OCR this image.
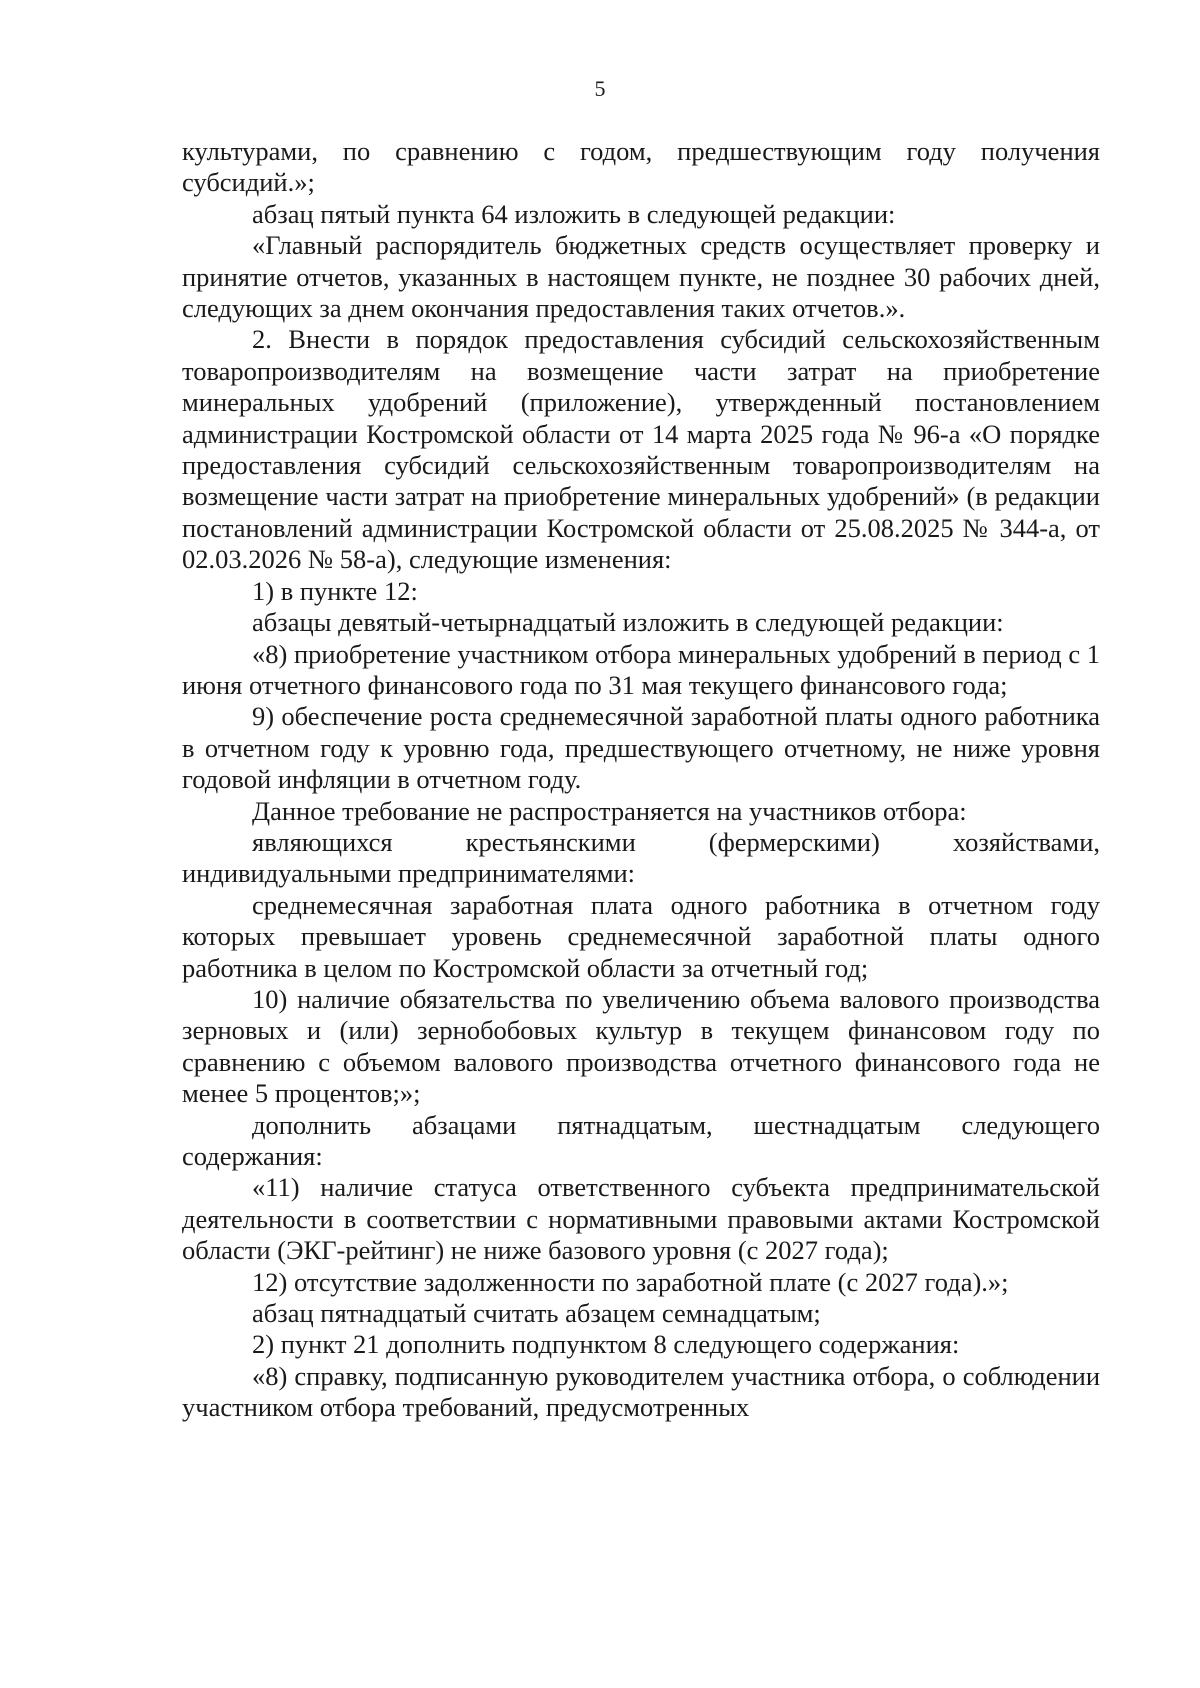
5

культурами, по сравнению с годом, предшествующим году получения субсидий.»;

абзац пятый пункта 64 изложить в следующей редакции:

«Главный распорядитель бюджетных средств осуществляет проверку и принятие отчетов, указанных в настоящем пункте, не позднее 30 рабочих дней, следующих за днем окончания предоставления таких отчетов.».

2. Внести в порядок предоставления субсидий сельскохозяйственным товаропроизводителям на возмещение части затрат на приобретение минеральных удобрений (приложение), утвержденный постановлением администрации Костромской области от 14 марта 2025 года № 96-а «О порядке предоставления субсидий сельскохозяйственным товаропроизводителям на возмещение части затрат на приобретение минеральных удобрений» (в редакции постановлений администрации Костромской области от 25.08.2025 № 344-а, от 02.03.2026 № 58-а), следующие изменения:

1) в пункте 12:

абзацы девятый-четырнадцатый изложить в следующей редакции:

«8) приобретение участником отбора минеральных удобрений в период с 1 июня отчетного финансового года по 31 мая текущего финансового года;

9) обеспечение роста среднемесячной заработной платы одного работника в отчетном году к уровню года, предшествующего отчетному, не ниже уровня годовой инфляции в отчетном году.

Данное требование не распространяется на участников отбора:

являющихся крестьянскими (фермерскими) хозяйствами, индивидуальными предпринимателями:

среднемесячная заработная плата одного работника в отчетном году которых превышает уровень среднемесячной заработной платы одного работника в целом по Костромской области за отчетный год;

10) наличие обязательства по увеличению объема валового производства зерновых и (или) зернобобовых культур в текущем финансовом году по сравнению с объемом валового производства отчетного финансового года не менее 5 процентов;»;

дополнить абзацами пятнадцатым, шестнадцатым следующего содержания:

«11) наличие статуса ответственного субъекта предпринимательской деятельности в соответствии с нормативными правовыми актами Костромской области (ЭКГ-рейтинг) не ниже базового уровня (с 2027 года);

12) отсутствие задолженности по заработной плате (с 2027 года).»;

абзац пятнадцатый считать абзацем семнадцатым;

2) пункт 21 дополнить подпунктом 8 следующего содержания:

«8) справку, подписанную руководителем участника отбора, о соблюдении участником отбора требований, предусмотренных
